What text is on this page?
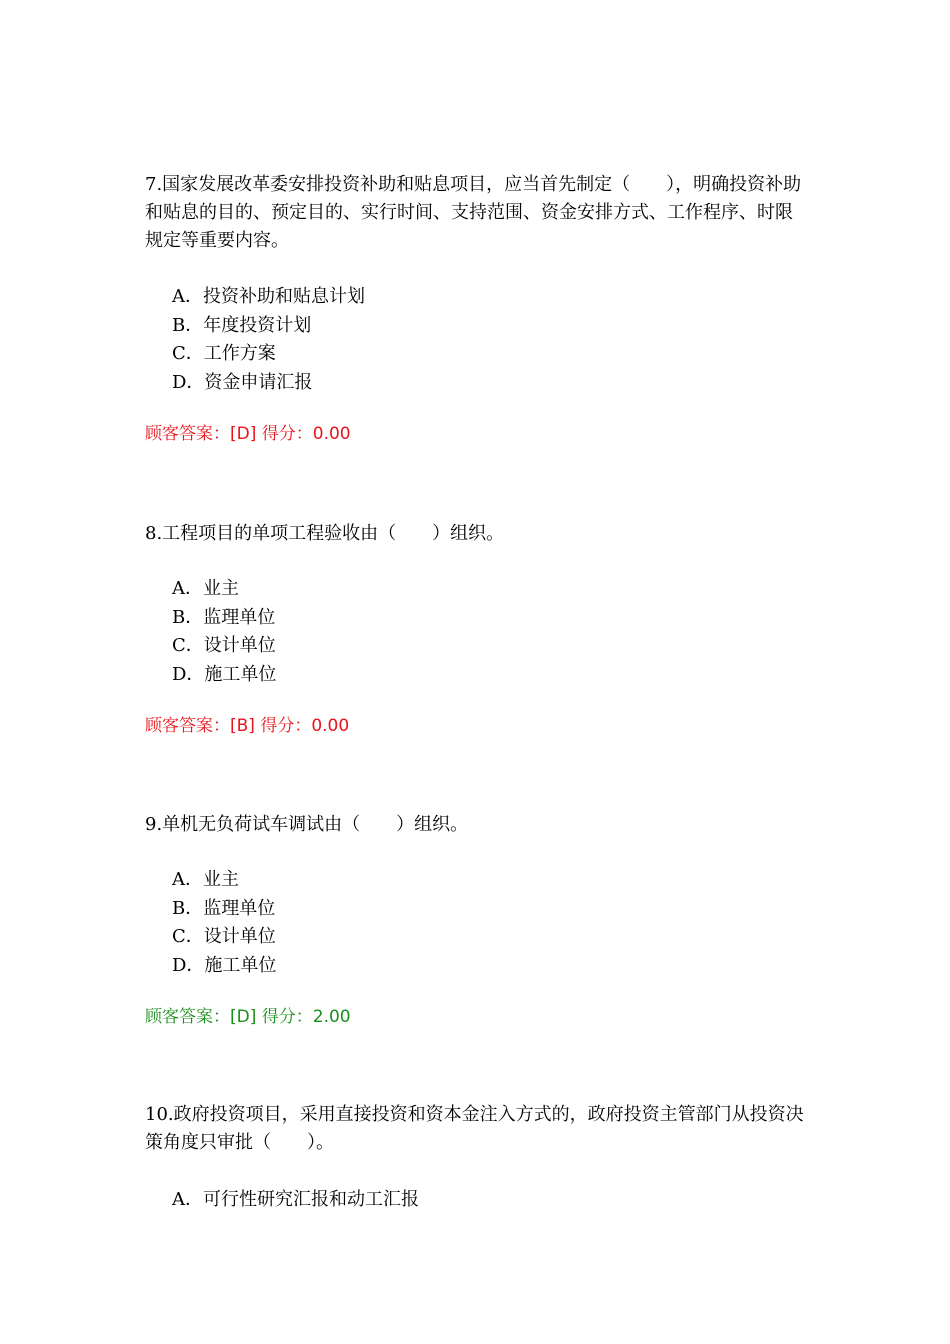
7.国家发展改革委安排投资补助和贴息项目，应当首先制定（　　），明确投资补助和贴息的目的、预定目的、实行时间、支持范围、资金安排方式、工作程序、时限规定等重要内容。

A．投资补助和贴息计划
B．年度投资计划
C．工作方案
D．资金申请汇报
顾客答案：[D] 得分：0.00

8.工程项目的单项工程验收由（　　）组织。

A．业主
B．监理单位
C．设计单位
D．施工单位
顾客答案：[B] 得分：0.00

9.单机无负荷试车调试由（　　）组织。

A．业主
B．监理单位
C．设计单位
D．施工单位
顾客答案：[D] 得分：2.00

10.政府投资项目，采用直接投资和资本金注入方式的，政府投资主管部门从投资决策角度只审批（　　）。

A．可行性研究汇报和动工汇报
